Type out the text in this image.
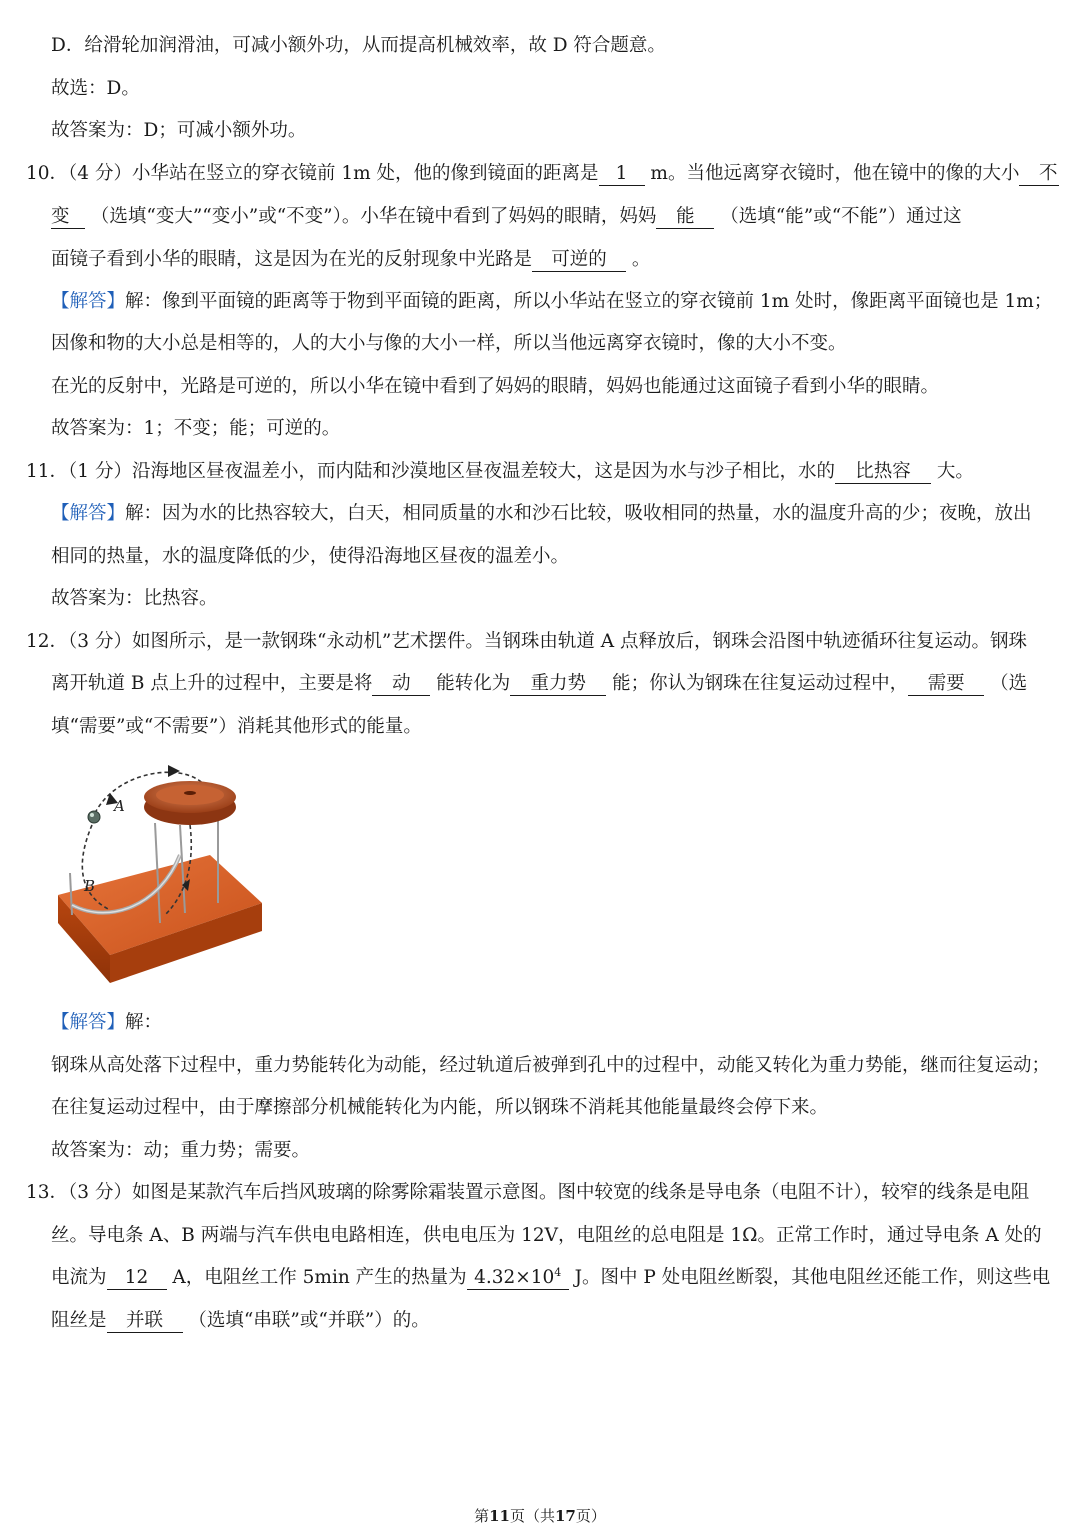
D．给滑轮加润滑油，可减小额外功，从而提高机械效率，故 D 符合题意。
故选：D。
故答案为：D；可减小额外功。
10．（4 分）小华站在竖立的穿衣镜前 1m 处，他的像到镜面的距离是 1 m。当他远离穿衣镜时，他在镜中的像的大小 不
变 （选填“变大”“变小”或“不变”）。小华在镜中看到了妈妈的眼睛，妈妈 能 （选填“能”或“不能”）通过这
面镜子看到小华的眼睛，这是因为在光的反射现象中光路是 可逆的 。
【解答】解：像到平面镜的距离等于物到平面镜的距离，所以小华站在竖立的穿衣镜前 1m 处时，像距离平面镜也是 1m；
因像和物的大小总是相等的，人的大小与像的大小一样，所以当他远离穿衣镜时，像的大小不变。
在光的反射中，光路是可逆的，所以小华在镜中看到了妈妈的眼睛，妈妈也能通过这面镜子看到小华的眼睛。
故答案为：1；不变；能；可逆的。
11．（1 分）沿海地区昼夜温差小，而内陆和沙漠地区昼夜温差较大，这是因为水与沙子相比，水的 比热容 大。
【解答】解：因为水的比热容较大，白天，相同质量的水和沙石比较，吸收相同的热量，水的温度升高的少；夜晚，放出
相同的热量，水的温度降低的少，使得沿海地区昼夜的温差小。
故答案为：比热容。
12．（3 分）如图所示，是一款钢珠“永动机”艺术摆件。当钢珠由轨道 A 点释放后，钢珠会沿图中轨迹循环往复运动。钢珠
离开轨道 B 点上升的过程中，主要是将 动 能转化为 重力势 能；你认为钢珠在往复运动过程中， 需要 （选
填“需要”或“不需要”）消耗其他形式的能量。
A
B
【解答】解：
钢珠从高处落下过程中，重力势能转化为动能，经过轨道后被弹到孔中的过程中，动能又转化为重力势能，继而往复运动；
在往复运动过程中，由于摩擦部分机械能转化为内能，所以钢珠不消耗其他能量最终会停下来。
故答案为：动；重力势；需要。
13．（3 分）如图是某款汽车后挡风玻璃的除雾除霜装置示意图。图中较宽的线条是导电条（电阻不计），较窄的线条是电阻
丝。导电条 A、B 两端与汽车供电电路相连，供电电压为 12V，电阻丝的总电阻是 1Ω。正常工作时，通过导电条 A 处的
电流为 12 A，电阻丝工作 5min 产生的热量为 $4.32\times 10^4$ J。图中 P 处电阻丝断裂，其他电阻丝还能工作，则这些电
阻丝是 并联 （选填“串联”或“并联”）的。
第11页（共17页）
